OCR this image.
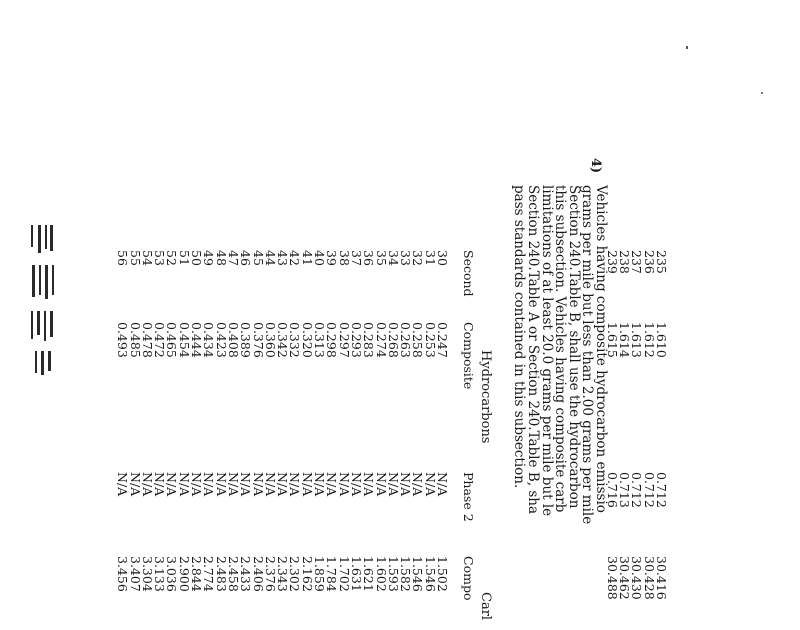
235
1.610
0.712
30.416
236
1.612
0.712
30.428
237
1.613
0.712
30.430
238
1.614
0.713
30.462
239
1.615
0.716
30.488
4)
Vehicles having composite hydrocarbon emissio
grams per mile but less than 2.00 grams per mile
Section 240.Table B, shall use the hydrocarbon
this subsection. Vehicles having composite carb
limitations of at least 20.0 grams per mile but le
Section 240.Table A or Section 240.Table B, sha
pass standards contained in this subsection.
Hydrocarbons
Carl
Second
Composite
Phase 2
Compo
30
0.247
N/A
1.502
31
0.253
N/A
1.546
32
0.258
N/A
1.546
33
0.263
N/A
1.582
34
0.268
N/A
1.593
35
0.274
N/A
1.602
36
0.283
N/A
1.621
37
0.293
N/A
1.631
38
0.297
N/A
1.702
39
0.298
N/A
1.784
40
0.313
N/A
1.859
41
0.320
N/A
2.162
42
0.332
N/A
2.302
43
0.342
N/A
2.343
44
0.360
N/A
2.376
45
0.376
N/A
2.406
46
0.389
N/A
2.433
47
0.408
N/A
2.458
48
0.423
N/A
2.483
49
0.434
N/A
2.774
50
0.444
N/A
2.844
51
0.454
N/A
2.900
52
0.465
N/A
3.036
53
0.472
N/A
3.133
54
0.478
N/A
3.304
55
0.485
N/A
3.407
56
0.493
N/A
3.456
